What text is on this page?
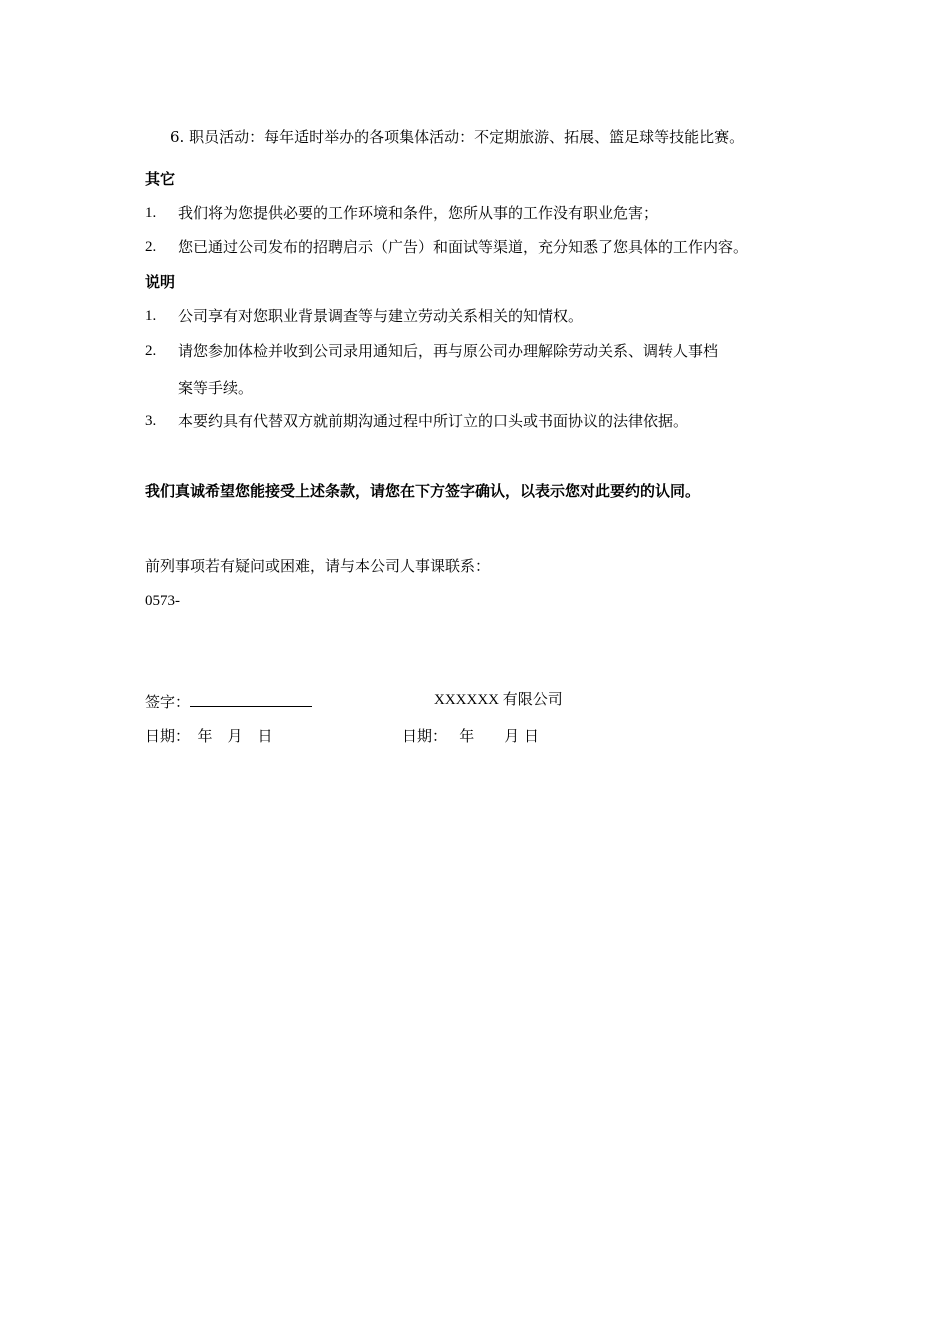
6. 职员活动：每年适时举办的各项集体活动：不定期旅游、拓展、篮足球等技能比赛。
其它
1. 我们将为您提供必要的工作环境和条件，您所从事的工作没有职业危害；
2. 您已通过公司发布的招聘启示（广告）和面试等渠道，充分知悉了您具体的工作内容。
说明
1. 公司享有对您职业背景调查等与建立劳动关系相关的知情权。
2. 请您参加体检并收到公司录用通知后，再与原公司办理解除劳动关系、调转人事档
案等手续。
3. 本要约具有代替双方就前期沟通过程中所订立的口头或书面协议的法律依据。
我们真诚希望您能接受上述条款，请您在下方签字确认，以表示您对此要约的认同。
前列事项若有疑问或困难，请与本公司人事课联系：
0573-
签字：	XXXXXX 有限公司
日期：　年　月　日	日期：　 年　　月 日
